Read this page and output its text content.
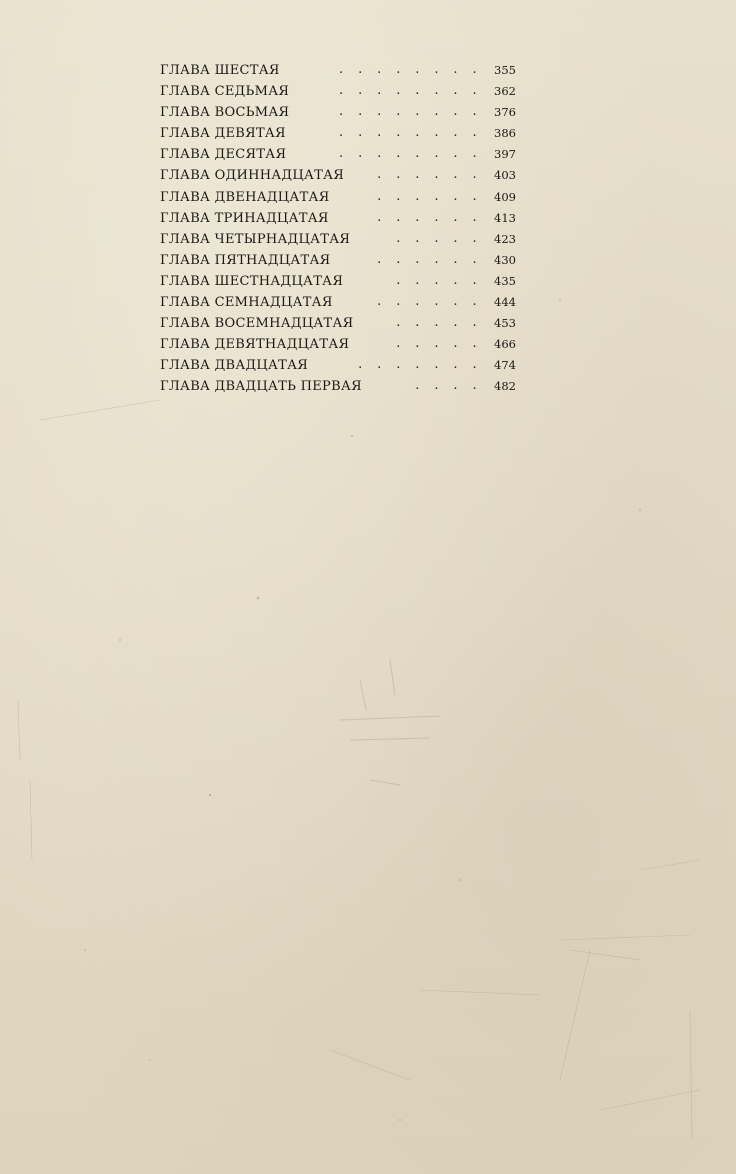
ГЛАВА ШЕСТАЯ	. . . . . . . .	355
ГЛАВА СЕДЬМАЯ	. . . . . . . .	362
ГЛАВА ВОСЬМАЯ	. . . . . . . .	376
ГЛАВА ДЕВЯТАЯ	. . . . . . . .	386
ГЛАВА ДЕСЯТАЯ	. . . . . . . .	397
ГЛАВА ОДИННАДЦАТАЯ	. . . . . .	403
ГЛАВА ДВЕНАДЦАТАЯ	. . . . . .	409
ГЛАВА ТРИНАДЦАТАЯ	. . . . . .	413
ГЛАВА ЧЕТЫРНАДЦАТАЯ	. . . . .	423
ГЛАВА ПЯТНАДЦАТАЯ	. . . . . .	430
ГЛАВА ШЕСТНАДЦАТАЯ	. . . . .	435
ГЛАВА СЕМНАДЦАТАЯ	. . . . . .	444
ГЛАВА ВОСЕМНАДЦАТАЯ	. . . . .	453
ГЛАВА ДЕВЯТНАДЦАТАЯ	. . . . .	466
ГЛАВА ДВАДЦАТАЯ	. . . . . . .	474
ГЛАВА ДВАДЦАТЬ ПЕРВАЯ	. . . .	482
